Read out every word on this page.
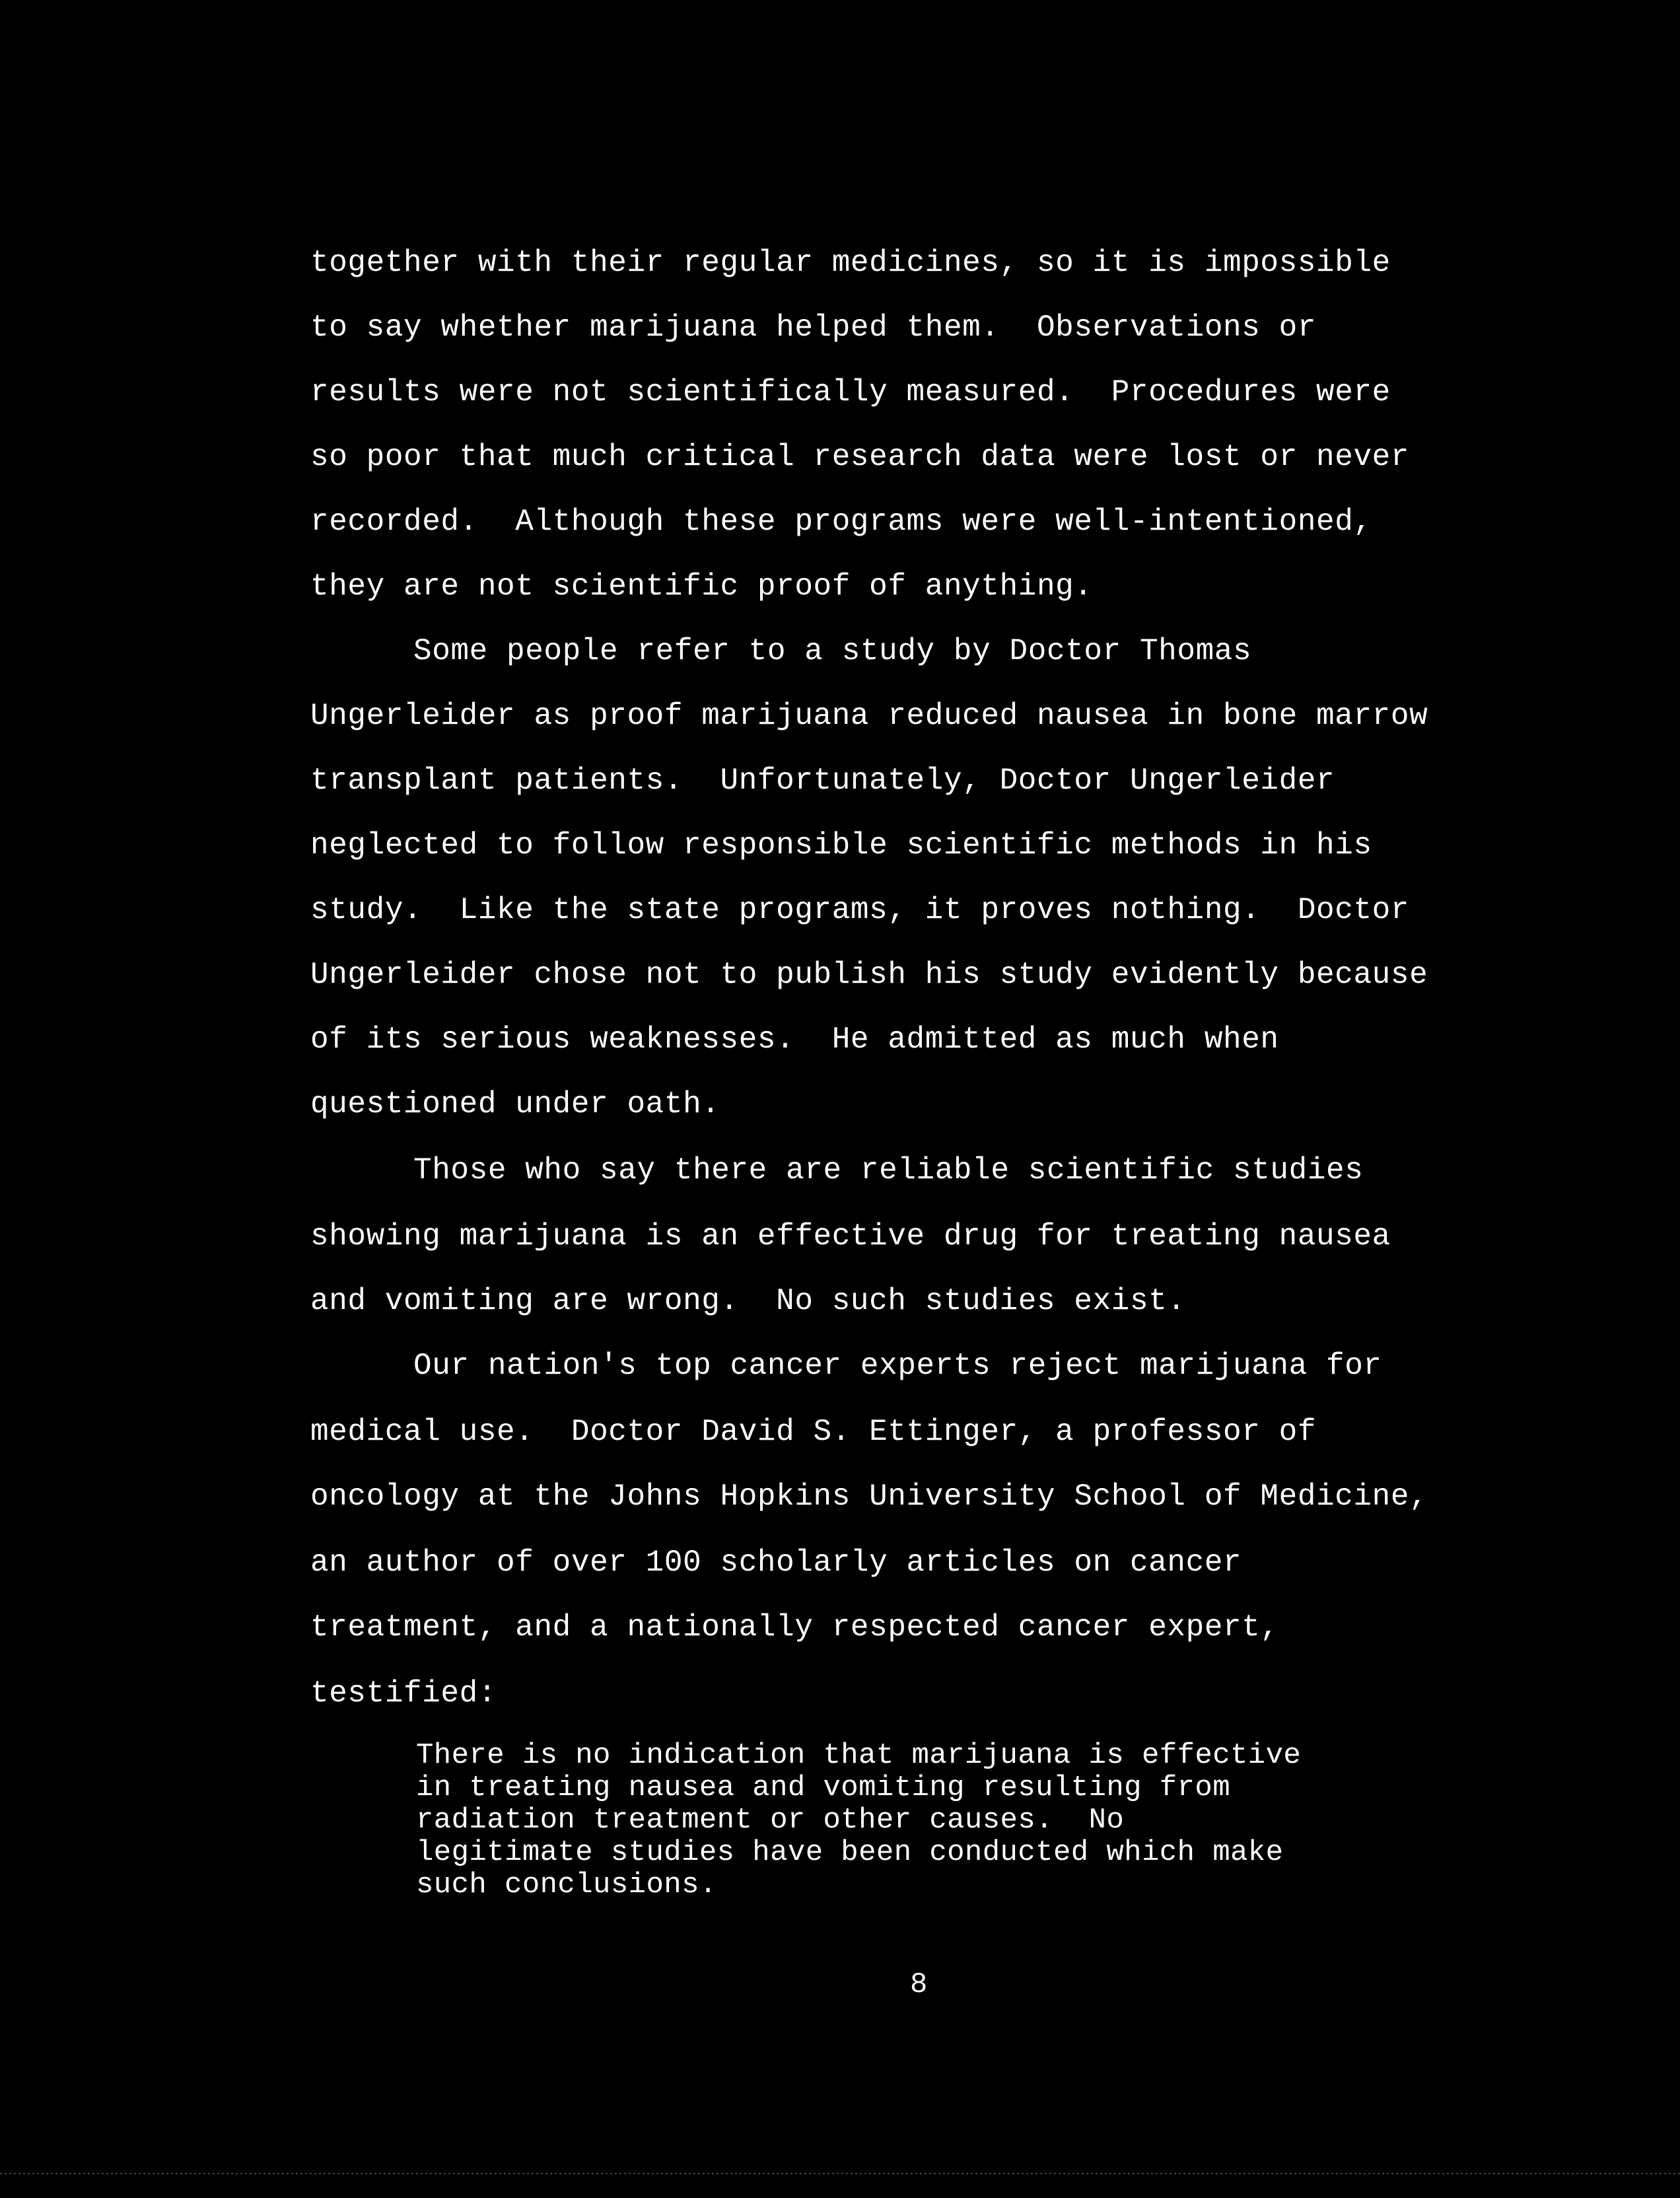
together with their regular medicines, so it is impossible
to say whether marijuana helped them.  Observations or
results were not scientifically measured.  Procedures were
so poor that much critical research data were lost or never
recorded.  Although these programs were well-intentioned,
they are not scientific proof of anything.
Some people refer to a study by Doctor Thomas
Ungerleider as proof marijuana reduced nausea in bone marrow
transplant patients.  Unfortunately, Doctor Ungerleider
neglected to follow responsible scientific methods in his
study.  Like the state programs, it proves nothing.  Doctor
Ungerleider chose not to publish his study evidently because
of its serious weaknesses.  He admitted as much when
questioned under oath.
Those who say there are reliable scientific studies
showing marijuana is an effective drug for treating nausea
and vomiting are wrong.  No such studies exist.
Our nation's top cancer experts reject marijuana for
medical use.  Doctor David S. Ettinger, a professor of
oncology at the Johns Hopkins University School of Medicine,
an author of over 100 scholarly articles on cancer
treatment, and a nationally respected cancer expert,
testified:
There is no indication that marijuana is effective
in treating nausea and vomiting resulting from
radiation treatment or other causes.  No
legitimate studies have been conducted which make
such conclusions.
8
